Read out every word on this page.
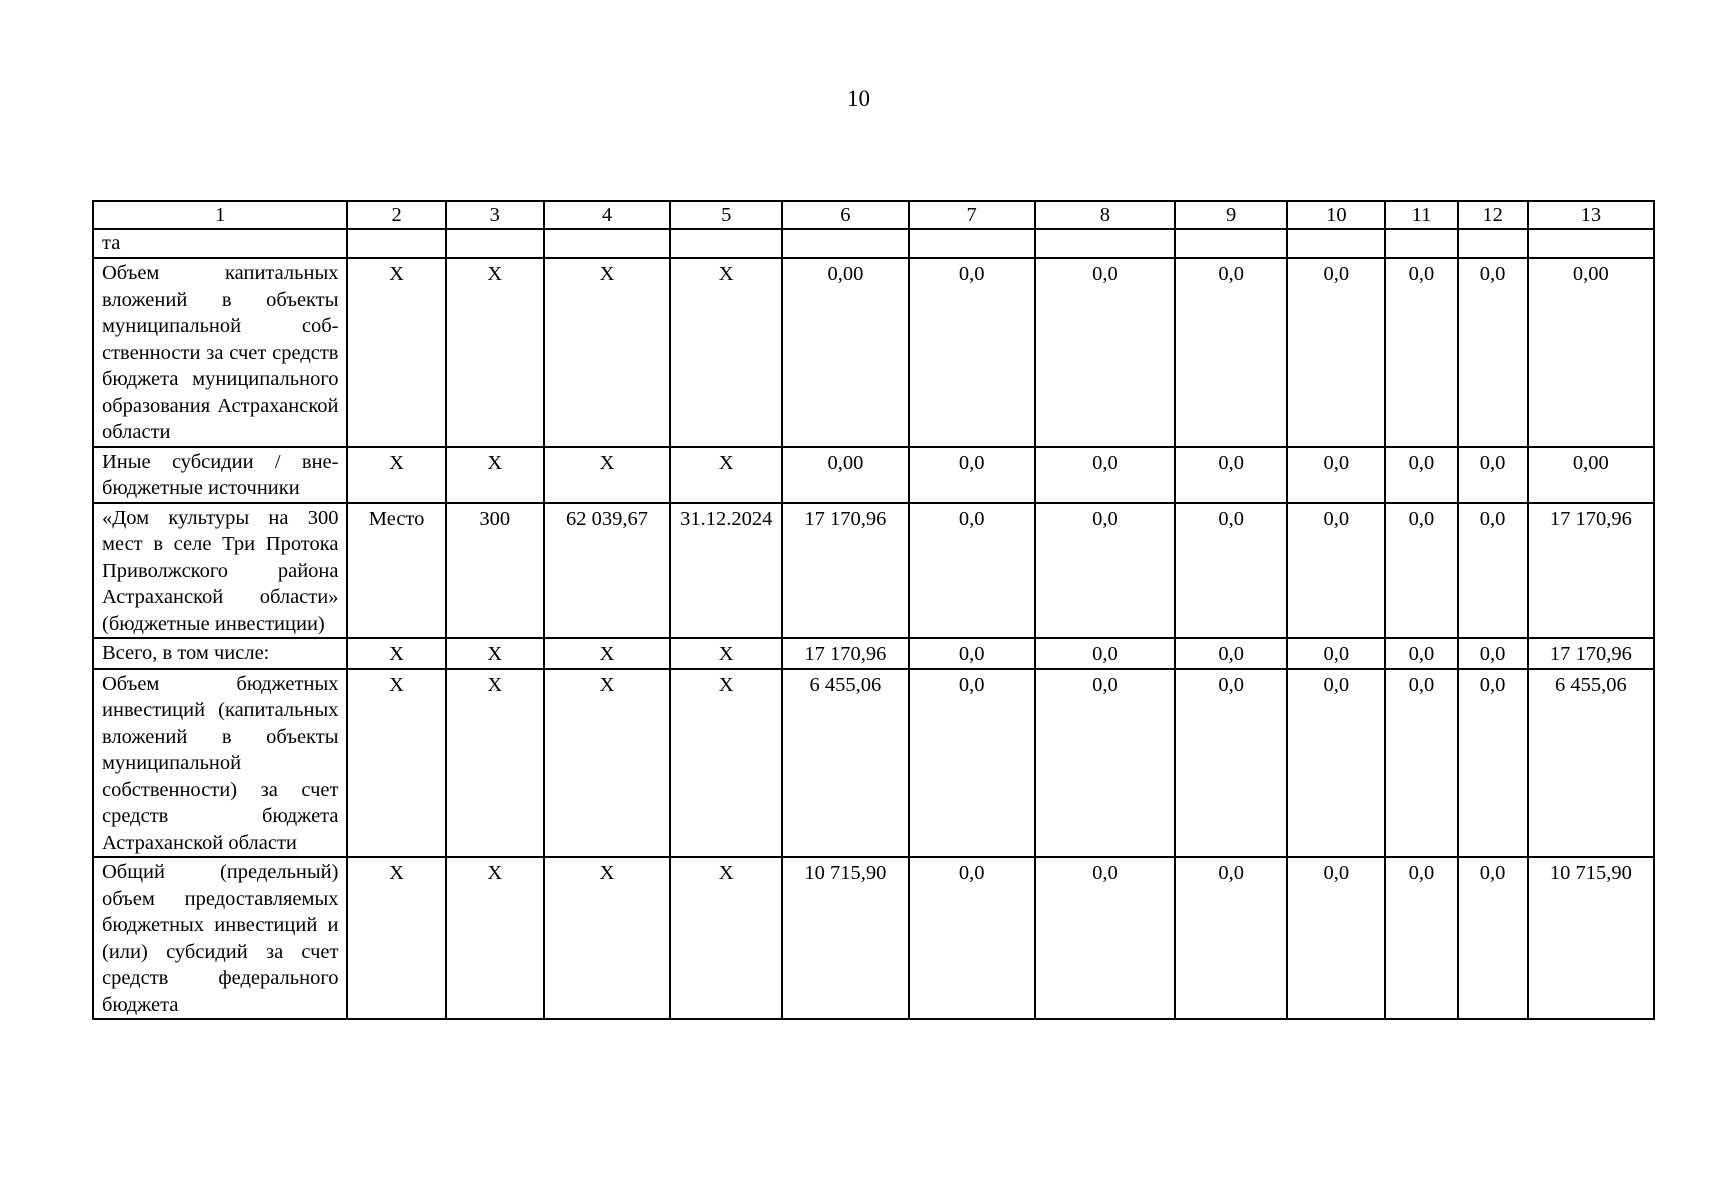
10
1	2	3	4	5	6	7	8	9	10	11	12	13
та												
Объем капитальных вложений в объекты муниципальной собственности за счет средств бюджета муниципального образования Астраханской области	X	X	X	X	0,00	0,0	0,0	0,0	0,0	0,0	0,0	0,00
Иные субсидии / внебюджетные источники	X	X	X	X	0,00	0,0	0,0	0,0	0,0	0,0	0,0	0,00
«Дом культуры на 300 мест в селе Три Протока Приволжского района Астраханской области» (бюджетные инвестиции)	Место	300	62 039,67	31.12.2024	17 170,96	0,0	0,0	0,0	0,0	0,0	0,0	17 170,96
Всего, в том числе:	X	X	X	X	17 170,96	0,0	0,0	0,0	0,0	0,0	0,0	17 170,96
Объем бюджетных инвестиций (капитальных вложений в объекты муниципальной собственности) за счет средств бюджета Астраханской области	X	X	X	X	6 455,06	0,0	0,0	0,0	0,0	0,0	0,0	6 455,06
Общий (предельный) объем предоставляемых бюджетных инвестиций и (или) субсидий за счет средств федерального бюджета	X	X	X	X	10 715,90	0,0	0,0	0,0	0,0	0,0	0,0	10 715,90
